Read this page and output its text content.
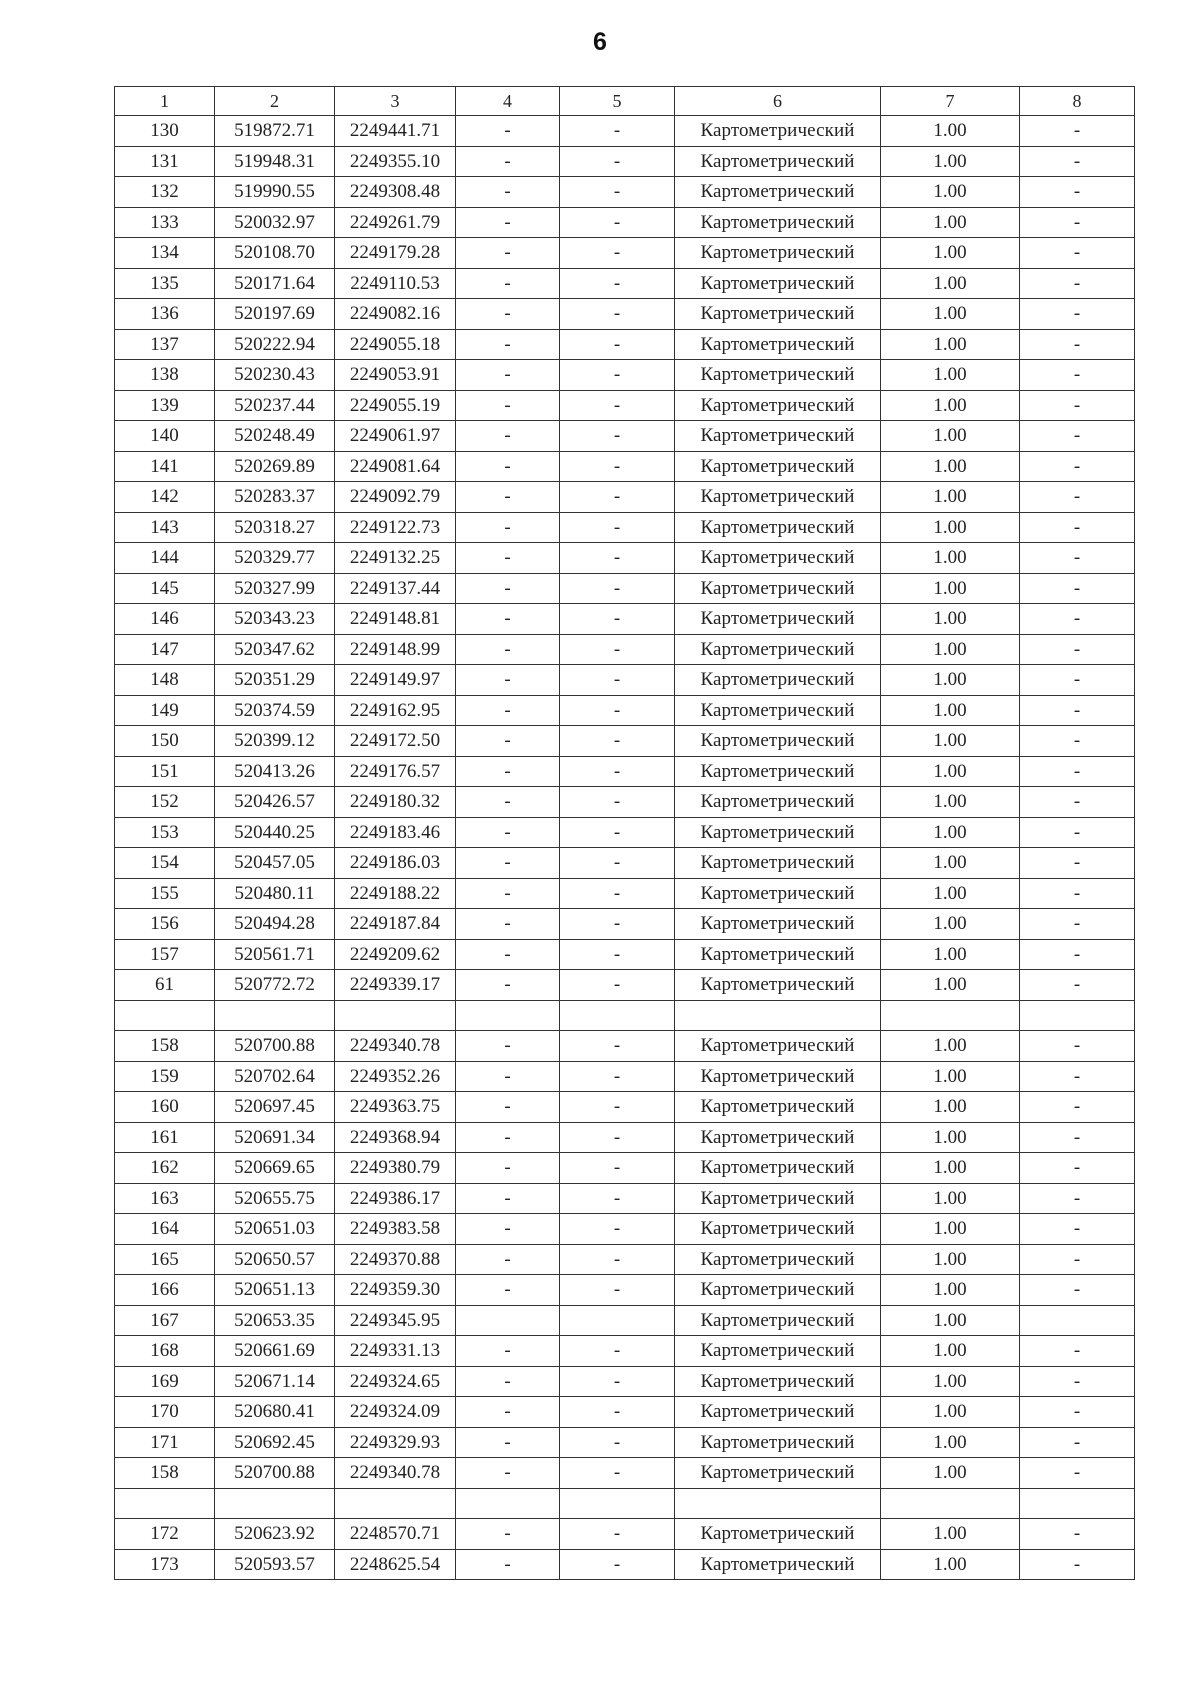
6
1	2	3	4	5	6	7	8
130	519872.71	2249441.71	-	-	Картометрический	1.00	-
131	519948.31	2249355.10	-	-	Картометрический	1.00	-
132	519990.55	2249308.48	-	-	Картометрический	1.00	-
133	520032.97	2249261.79	-	-	Картометрический	1.00	-
134	520108.70	2249179.28	-	-	Картометрический	1.00	-
135	520171.64	2249110.53	-	-	Картометрический	1.00	-
136	520197.69	2249082.16	-	-	Картометрический	1.00	-
137	520222.94	2249055.18	-	-	Картометрический	1.00	-
138	520230.43	2249053.91	-	-	Картометрический	1.00	-
139	520237.44	2249055.19	-	-	Картометрический	1.00	-
140	520248.49	2249061.97	-	-	Картометрический	1.00	-
141	520269.89	2249081.64	-	-	Картометрический	1.00	-
142	520283.37	2249092.79	-	-	Картометрический	1.00	-
143	520318.27	2249122.73	-	-	Картометрический	1.00	-
144	520329.77	2249132.25	-	-	Картометрический	1.00	-
145	520327.99	2249137.44	-	-	Картометрический	1.00	-
146	520343.23	2249148.81	-	-	Картометрический	1.00	-
147	520347.62	2249148.99	-	-	Картометрический	1.00	-
148	520351.29	2249149.97	-	-	Картометрический	1.00	-
149	520374.59	2249162.95	-	-	Картометрический	1.00	-
150	520399.12	2249172.50	-	-	Картометрический	1.00	-
151	520413.26	2249176.57	-	-	Картометрический	1.00	-
152	520426.57	2249180.32	-	-	Картометрический	1.00	-
153	520440.25	2249183.46	-	-	Картометрический	1.00	-
154	520457.05	2249186.03	-	-	Картометрический	1.00	-
155	520480.11	2249188.22	-	-	Картометрический	1.00	-
156	520494.28	2249187.84	-	-	Картометрический	1.00	-
157	520561.71	2249209.62	-	-	Картометрический	1.00	-
61	520772.72	2249339.17	-	-	Картометрический	1.00	-

158	520700.88	2249340.78	-	-	Картометрический	1.00	-
159	520702.64	2249352.26	-	-	Картометрический	1.00	-
160	520697.45	2249363.75	-	-	Картометрический	1.00	-
161	520691.34	2249368.94	-	-	Картометрический	1.00	-
162	520669.65	2249380.79	-	-	Картометрический	1.00	-
163	520655.75	2249386.17	-	-	Картометрический	1.00	-
164	520651.03	2249383.58	-	-	Картометрический	1.00	-
165	520650.57	2249370.88	-	-	Картометрический	1.00	-
166	520651.13	2249359.30	-	-	Картометрический	1.00	-
167	520653.35	2249345.95			Картометрический	1.00	
168	520661.69	2249331.13	-	-	Картометрический	1.00	-
169	520671.14	2249324.65	-	-	Картометрический	1.00	-
170	520680.41	2249324.09	-	-	Картометрический	1.00	-
171	520692.45	2249329.93	-	-	Картометрический	1.00	-
158	520700.88	2249340.78	-	-	Картометрический	1.00	-

172	520623.92	2248570.71	-	-	Картометрический	1.00	-
173	520593.57	2248625.54	-	-	Картометрический	1.00	-
